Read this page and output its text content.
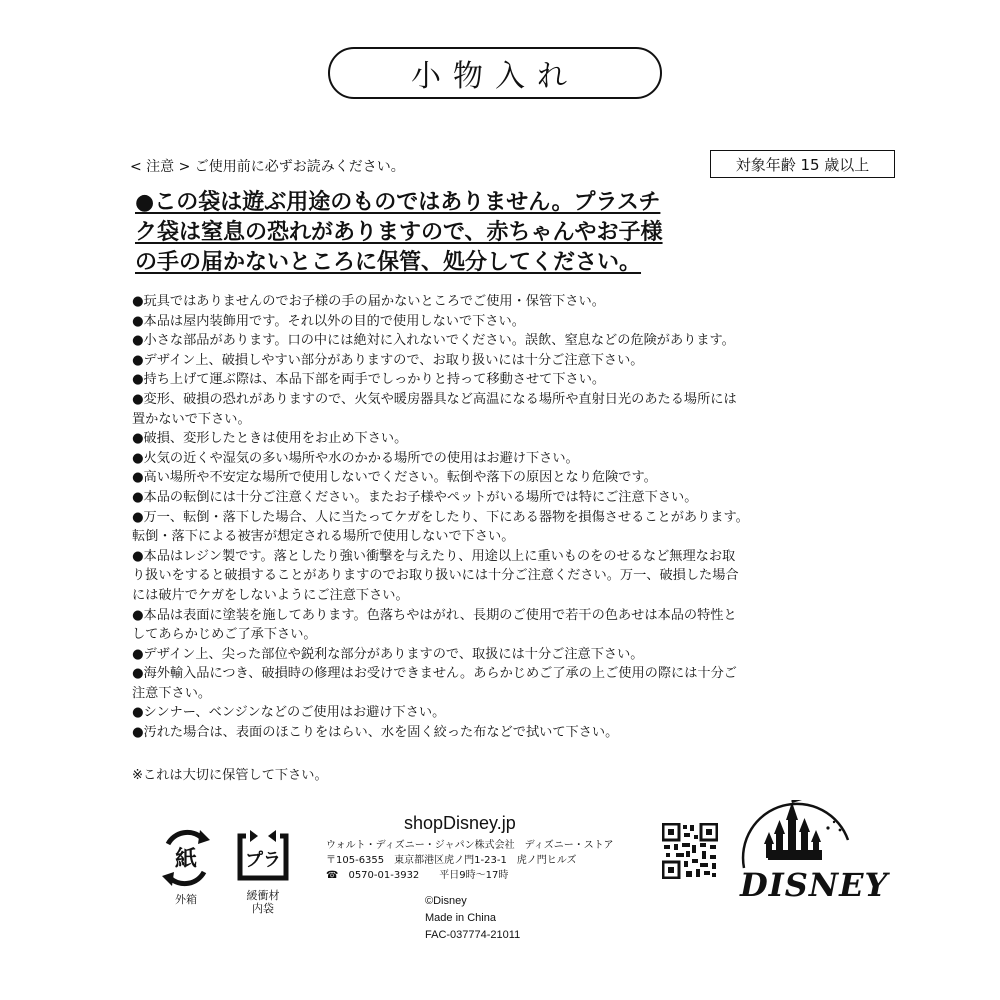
小物入れ
< 注意 > ご使用前に必ずお読みください。	対象年齢 15 歳以上
●この袋は遊ぶ用途のものではありません。プラスチ
ク袋は窒息の恐れがありますので、赤ちゃんやお子様
の手の届かないところに保管、処分してください。
●玩具ではありませんのでお子様の手の届かないところでご使用・保管下さい。
●本品は屋内装飾用です。それ以外の目的で使用しないで下さい。
●小さな部品があります。口の中には絶対に入れないでください。誤飲、窒息などの危険があります。
●デザイン上、破損しやすい部分がありますので、お取り扱いには十分ご注意下さい。
●持ち上げて運ぶ際は、本品下部を両手でしっかりと持って移動させて下さい。
●変形、破損の恐れがありますので、火気や暖房器具など高温になる場所や直射日光のあたる場所には
置かないで下さい。
●破損、変形したときは使用をお止め下さい。
●火気の近くや湿気の多い場所や水のかかる場所での使用はお避け下さい。
●高い場所や不安定な場所で使用しないでください。転倒や落下の原因となり危険です。
●本品の転倒には十分ご注意ください。またお子様やペットがいる場所では特にご注意下さい。
●万一、転倒・落下した場合、人に当たってケガをしたり、下にある器物を損傷させることがあります。
転倒・落下による被害が想定される場所で使用しないで下さい。
●本品はレジン製です。落としたり強い衝撃を与えたり、用途以上に重いものをのせるなど無理なお取
り扱いをすると破損することがありますのでお取り扱いには十分ご注意ください。万一、破損した場合
には破片でケガをしないようにご注意下さい。
●本品は表面に塗装を施してあります。色落ちやはがれ、長期のご使用で若干の色あせは本品の特性と
してあらかじめご了承下さい。
●デザイン上、尖った部位や鋭利な部分がありますので、取扱には十分ご注意下さい。
●海外輸入品につき、破損時の修理はお受けできません。あらかじめご了承の上ご使用の際には十分ご
注意下さい。
●シンナー、ベンジンなどのご使用はお避け下さい。
●汚れた場合は、表面のほこりをはらい、水を固く絞った布などで拭いて下さい。
※これは大切に保管して下さい。
紙
外箱
プラ
緩衝材
内袋
shopDisney.jp
ウォルト・ディズニー・ジャパン株式会社　ディズニー・ストア
〒105-6355　東京都港区虎ノ門1-23-1　虎ノ門ヒルズ
☎　0570-01-3932　　平日9時～17時
©Disney
Made in China
FAC-037774-21011
DISNEY
